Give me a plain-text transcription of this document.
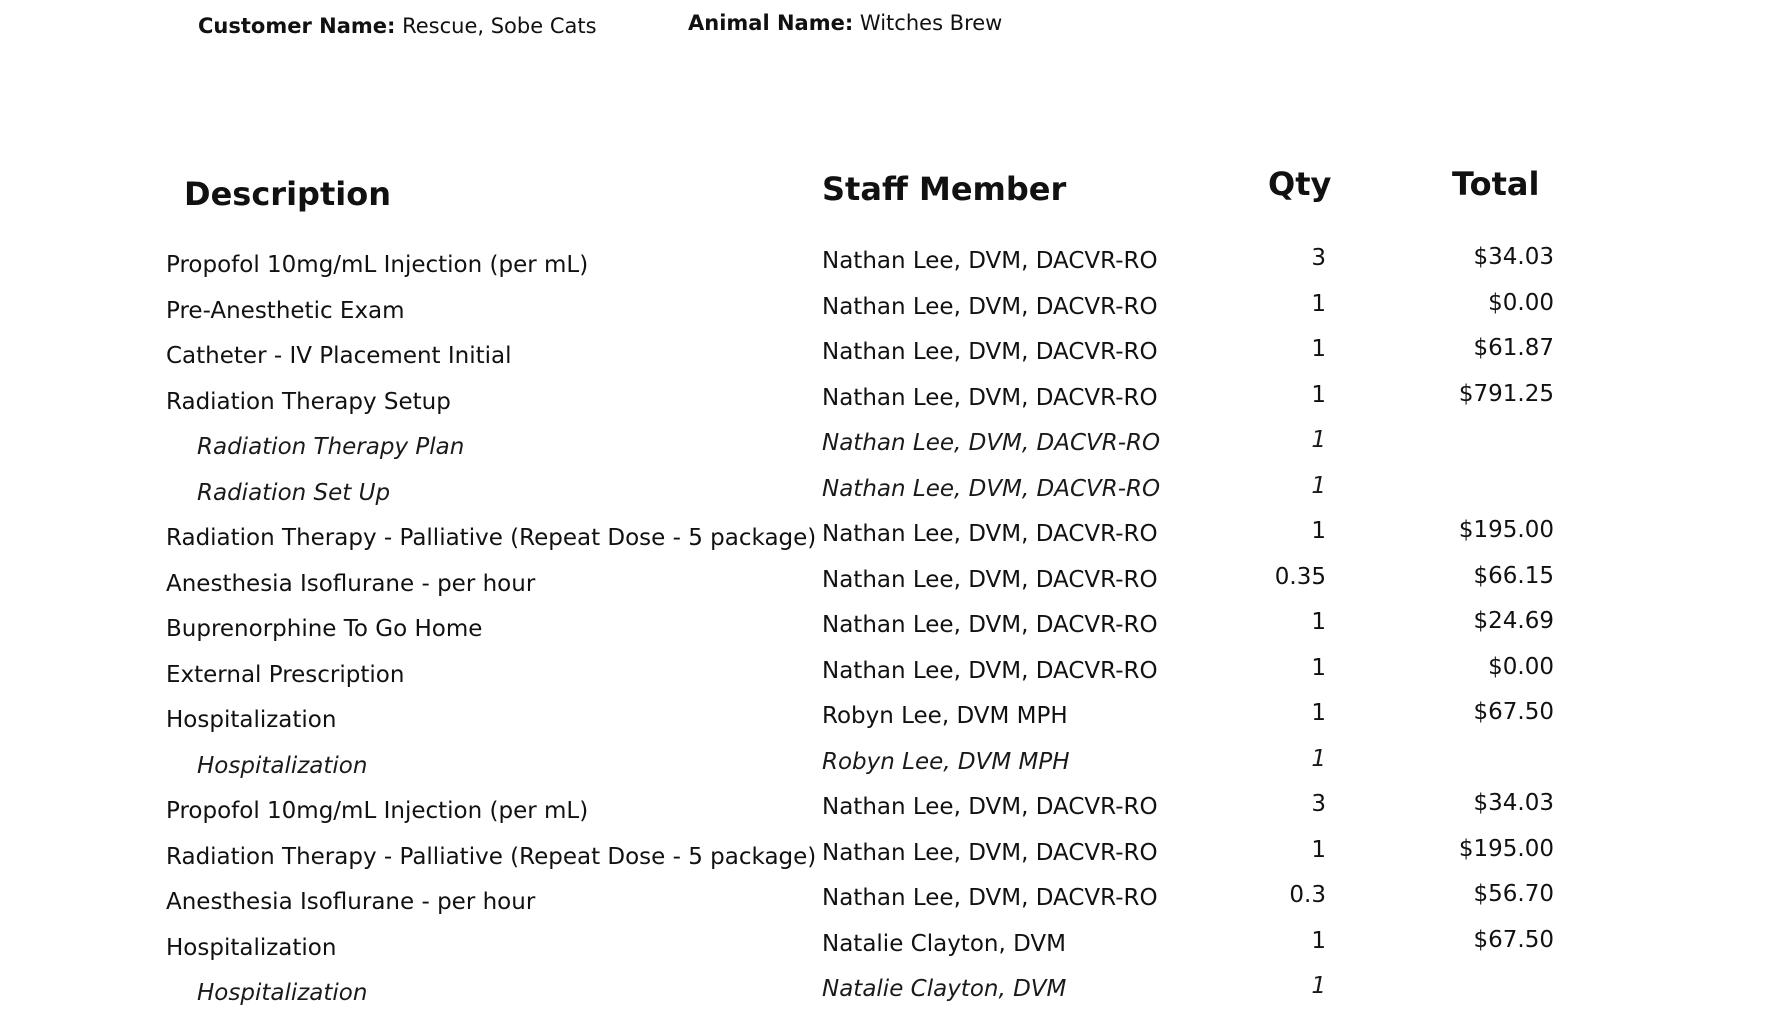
Customer Name: Rescue, Sobe Cats	Animal Name: Witches Brew
Description	Staff Member	Qty	Total
Propofol 10mg/mL Injection (per mL)	Nathan Lee, DVM, DACVR-RO	3	$34.03
Pre-Anesthetic Exam	Nathan Lee, DVM, DACVR-RO	1	$0.00
Catheter - IV Placement Initial	Nathan Lee, DVM, DACVR-RO	1	$61.87
Radiation Therapy Setup	Nathan Lee, DVM, DACVR-RO	1	$791.25
Radiation Therapy Plan	Nathan Lee, DVM, DACVR-RO	1
Radiation Set Up	Nathan Lee, DVM, DACVR-RO	1
Radiation Therapy - Palliative (Repeat Dose - 5 package) Nathan Lee, DVM, DACVR-RO	1	$195.00
Anesthesia Isoflurane - per hour	Nathan Lee, DVM, DACVR-RO	0.35	$66.15
Buprenorphine To Go Home	Nathan Lee, DVM, DACVR-RO	1	$24.69
External Prescription	Nathan Lee, DVM, DACVR-RO	1	$0.00
Hospitalization	Robyn Lee, DVM MPH	1	$67.50
Hospitalization	Robyn Lee, DVM MPH	1
Propofol 10mg/mL Injection (per mL)	Nathan Lee, DVM, DACVR-RO	3	$34.03
Radiation Therapy - Palliative (Repeat Dose - 5 package) Nathan Lee, DVM, DACVR-RO	1	$195.00
Anesthesia Isoflurane - per hour	Nathan Lee, DVM, DACVR-RO	0.3	$56.70
Hospitalization	Natalie Clayton, DVM	1	$67.50
Hospitalization	Natalie Clayton, DVM	1
